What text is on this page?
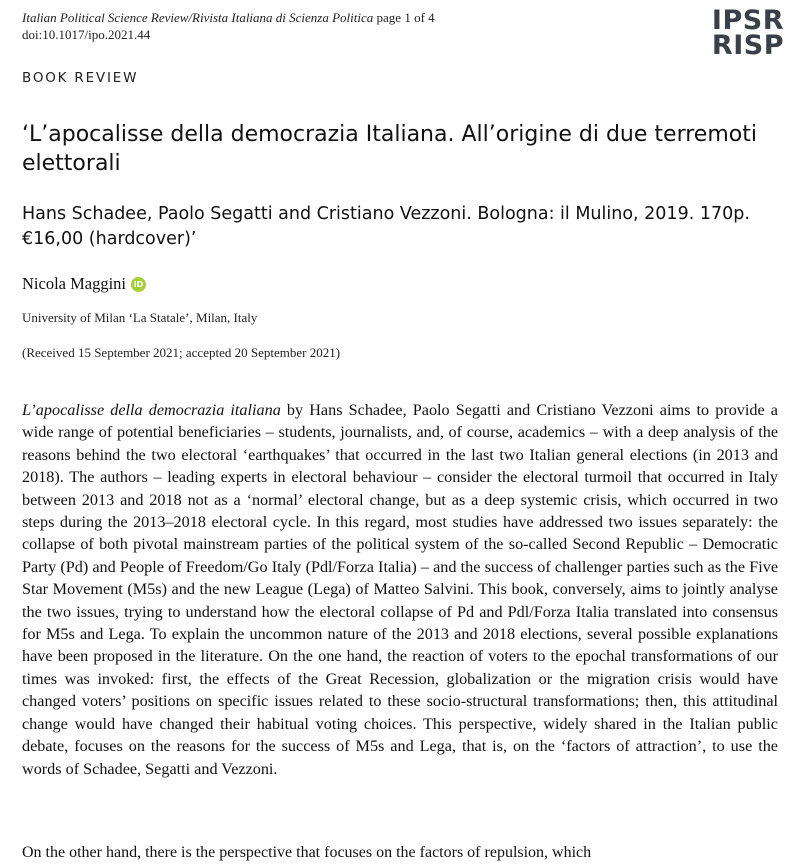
Italian Political Science Review/Rivista Italiana di Scienza Politica page 1 of 4
doi:10.1017/ipo.2021.44	IPSR
RISP
BOOK REVIEW
‘L’apocalisse della democrazia Italiana. All’origine di due terremoti elettorali
Hans Schadee, Paolo Segatti and Cristiano Vezzoni. Bologna: il Mulino, 2019. 170p. €16,00 (hardcover)’
Nicola Maggini iD
University of Milan ‘La Statale’, Milan, Italy
(Received 15 September 2021; accepted 20 September 2021)

L’apocalisse della democrazia italiana by Hans Schadee, Paolo Segatti and Cristiano Vezzoni aims to provide a wide range of potential beneficiaries – students, journalists, and, of course, academics – with a deep analysis of the reasons behind the two electoral ‘earthquakes’ that occurred in the last two Italian general elections (in 2013 and 2018). The authors – leading experts in electoral behaviour – consider the electoral turmoil that occurred in Italy between 2013 and 2018 not as a ‘normal’ electoral change, but as a deep systemic crisis, which occurred in two steps during the 2013–2018 electoral cycle. In this regard, most studies have addressed two issues separately: the collapse of both pivotal mainstream parties of the political system of the so-called Second Republic – Democratic Party (Pd) and People of Freedom/Go Italy (Pdl/Forza Italia) – and the success of challenger parties such as the Five Star Movement (M5s) and the new League (Lega) of Matteo Salvini. This book, conversely, aims to jointly analyse the two issues, trying to understand how the electoral collapse of Pd and Pdl/Forza Italia translated into consensus for M5s and Lega. To explain the uncommon nature of the 2013 and 2018 elections, several possible explanations have been proposed in the literature. On the one hand, the reaction of voters to the epochal transformations of our times was invoked: first, the effects of the Great Recession, globalization or the migration crisis would have changed voters’ positions on specific issues related to these socio-structural transformations; then, this attitudinal change would have changed their habitual voting choices. This perspective, widely shared in the Italian public debate, focuses on the reasons for the success of M5s and Lega, that is, on the ‘factors of attraction’, to use the words of Schadee, Segatti and Vezzoni.

On the other hand, there is the perspective that focuses on the factors of repulsion, which
